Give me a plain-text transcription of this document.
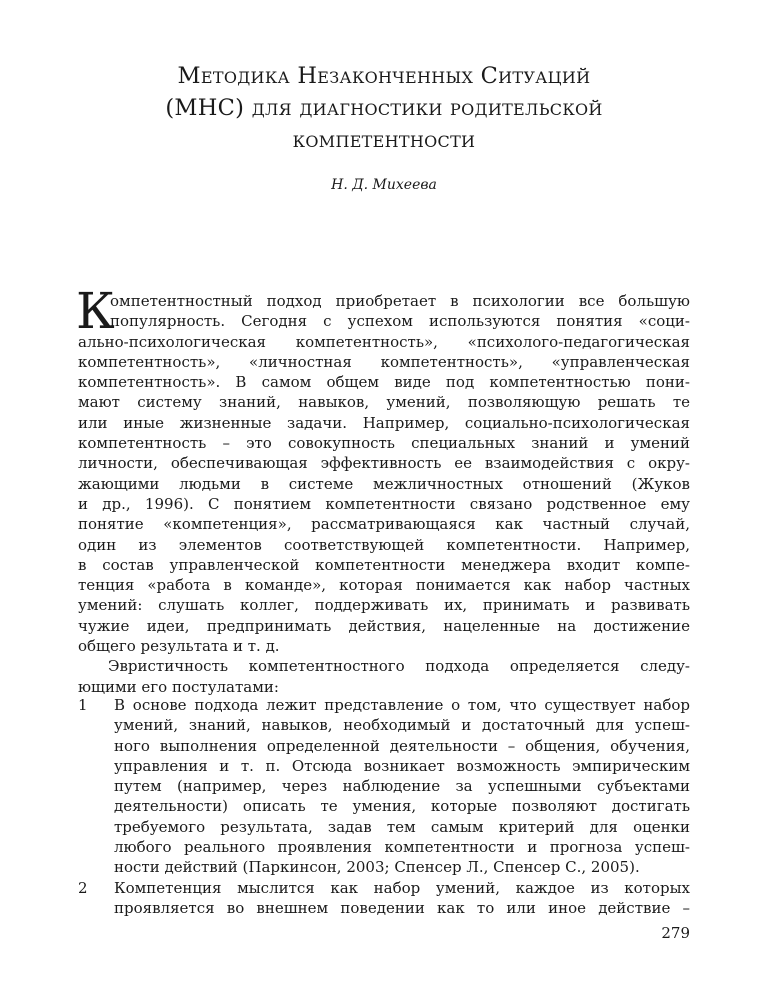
Методика Незаконченных Ситуаций
(МНС) для диагностики родительской
компетентности
Н. Д. Михеева
К
омпетентностный подход приобретает в психологии все большую
популярность. Сегодня с успехом используются понятия «соци-
ально-психологическая компетентность», «психолого-педагогическая
компетентность», «личностная компетентность», «управленческая
компетентность». В самом общем виде под компетентностью пони-
мают систему знаний, навыков, умений, позволяющую решать те
или иные жизненные задачи. Например, социально-психологическая
компетентность – это совокупность специальных знаний и умений
личности, обеспечивающая эффективность ее взаимодействия с окру-
жающими людьми в системе межличностных отношений (Жуков
и др., 1996). С понятием компетентности связано родственное ему
понятие «компетенция», рассматривающаяся как частный случай,
один из элементов соответствующей компетентности. Например,
в состав управленческой компетентности менеджера входит компе-
тенция «работа в команде», которая понимается как набор частных
умений: слушать коллег, поддерживать их, принимать и развивать
чужие идеи, предпринимать действия, нацеленные на достижение
общего результата и т. д.
Эвристичность компетентностного подхода определяется следу-
ющими его постулатами:
1	В основе подхода лежит представление о том, что существует набор
умений, знаний, навыков, необходимый и достаточный для успеш-
ного выполнения определенной деятельности – общения, обучения,
управления и т. п. Отсюда возникает возможность эмпирическим
путем (например, через наблюдение за успешными субъектами
деятельности) описать те умения, которые позволяют достигать
требуемого результата, задав тем самым критерий для оценки
любого реального проявления компетентности и прогноза успеш-
ности действий (Паркинсон, 2003; Спенсер Л., Спенсер С., 2005).
2	Компетенция мыслится как набор умений, каждое из которых
проявляется во внешнем поведении как то или иное действие –
279
